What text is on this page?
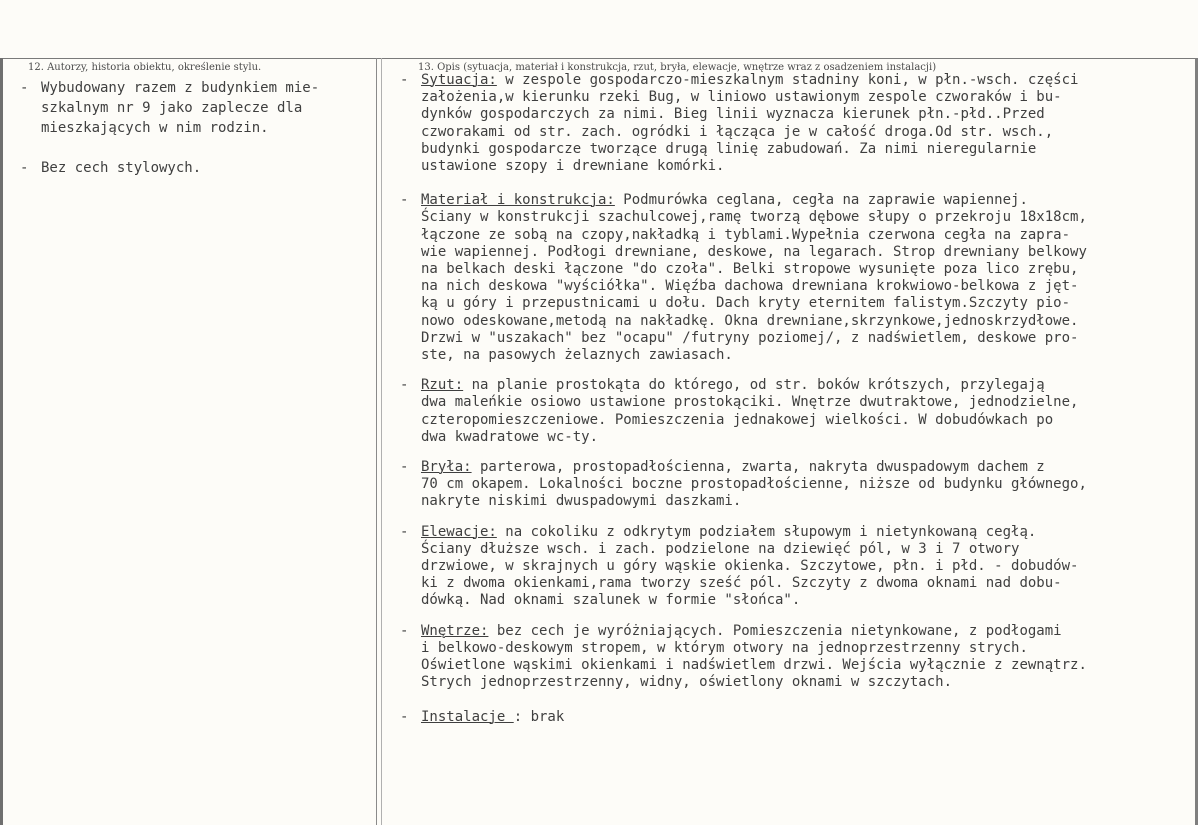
12. Autorzy, historia obiektu, określenie stylu.	13. Opis (sytuacja, materiał i konstrukcja, rzut, bryła, elewacje, wnętrze wraz z osadzeniem instalacji)
- Wybudowany razem z budynkiem mie-
szkalnym nr 9 jako zaplecze dla
mieszkających w nim rodzin.
- Bez cech stylowych.
- Sytuacja: w zespole gospodarczo-mieszkalnym stadniny koni, w płn.-wsch. części
założenia,w kierunku rzeki Bug, w liniowo ustawionym zespole czworaków i bu-
dynków gospodarczych za nimi. Bieg linii wyznacza kierunek płn.-płd..Przed
czworakami od str. zach. ogródki i łącząca je w całość droga.Od str. wsch.,
budynki gospodarcze tworzące drugą linię zabudowań. Za nimi nieregularnie
ustawione szopy i drewniane komórki.
- Materiał i konstrukcja: Podmurówka ceglana, cegła na zaprawie wapiennej.
Ściany w konstrukcji szachulcowej,ramę tworzą dębowe słupy o przekroju 18x18cm,
łączone ze sobą na czopy,nakładką i tyblami.Wypełnia czerwona cegła na zapra-
wie wapiennej. Podłogi drewniane, deskowe, na legarach. Strop drewniany belkowy
na belkach deski łączone "do czoła". Belki stropowe wysunięte poza lico zrębu,
na nich deskowa "wyściółka". Więźba dachowa drewniana krokwiowo-belkowa z jęt-
ką u góry i przepustnicami u dołu. Dach kryty eternitem falistym.Szczyty pio-
nowo odeskowane,metodą na nakładkę. Okna drewniane,skrzynkowe,jednoskrzydłowe.
Drzwi w "uszakach" bez "ocapu" /futryny poziomej/, z nadświetlem, deskowe pro-
ste, na pasowych żelaznych zawiasach.
- Rzut: na planie prostokąta do którego, od str. boków krótszych, przylegają
dwa maleńkie osiowo ustawione prostokąciki. Wnętrze dwutraktowe, jednodzielne,
czteropomieszczeniowe. Pomieszczenia jednakowej wielkości. W dobudówkach po
dwa kwadratowe wc-ty.
- Bryła: parterowa, prostopadłościenna, zwarta, nakryta dwuspadowym dachem z
70 cm okapem. Lokalności boczne prostopadłościenne, niższe od budynku głównego,
nakryte niskimi dwuspadowymi daszkami.
- Elewacje: na cokoliku z odkrytym podziałem słupowym i nietynkowaną cegłą.
Ściany dłuższe wsch. i zach. podzielone na dziewięć pól, w 3 i 7 otwory
drzwiowe, w skrajnych u góry wąskie okienka. Szczytowe, płn. i płd. - dobudów-
ki z dwoma okienkami,rama tworzy sześć pól. Szczyty z dwoma oknami nad dobu-
dówką. Nad oknami szalunek w formie "słońca".
- Wnętrze: bez cech je wyróżniających. Pomieszczenia nietynkowane, z podłogami
i belkowo-deskowym stropem, w którym otwory na jednoprzestrzenny strych.
Oświetlone wąskimi okienkami i nadświetlem drzwi. Wejścia wyłącznie z zewnątrz.
Strych jednoprzestrzenny, widny, oświetlony oknami w szczytach.
- Instalacje : brak
